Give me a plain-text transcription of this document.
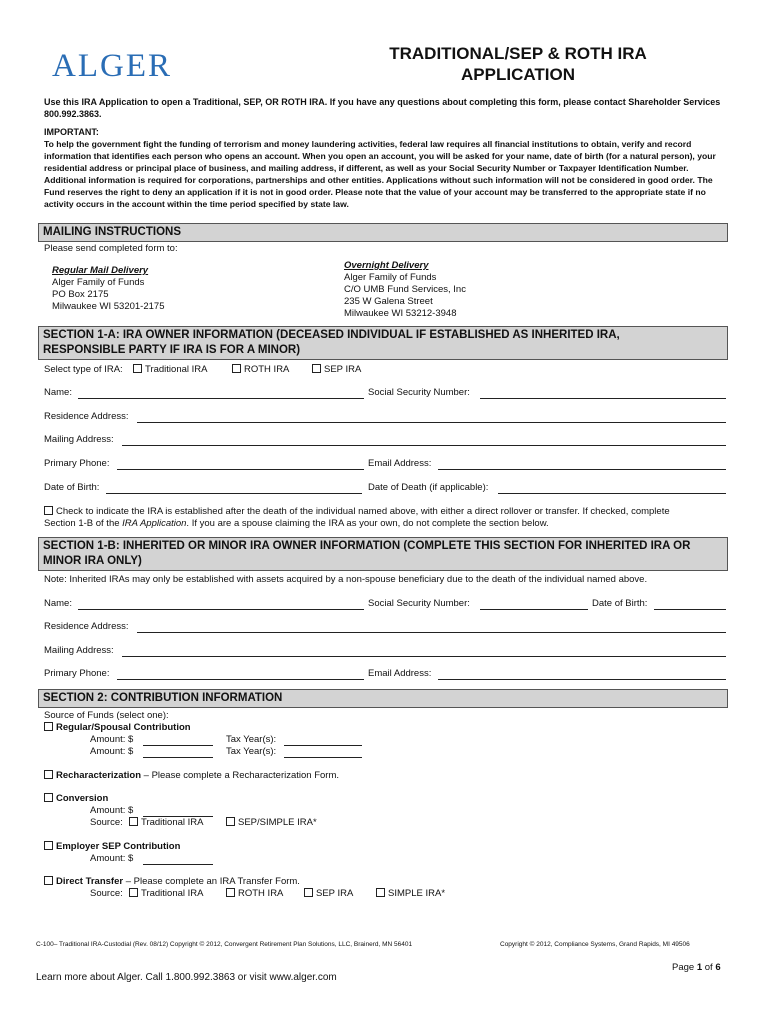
ALGER	TRADITIONAL/SEP & ROTH IRA
APPLICATION
Use this IRA Application to open a Traditional, SEP, OR ROTH IRA. If you have any questions about completing this form, please contact Shareholder Services 800.992.3863.
IMPORTANT:
To help the government fight the funding of terrorism and money laundering activities, federal law requires all financial institutions to obtain, verify and record information that identifies each person who opens an account. When you open an account, you will be asked for your name, date of birth (for a natural person), your residential address or principal place of business, and mailing address, if different, as well as your Social Security Number or Taxpayer Identification Number. Additional information is required for corporations, partnerships and other entities. Applications without such information will not be considered in good order. The Fund reserves the right to deny an application if it is not in good order. Please note that the value of your account may be transferred to the appropriate state if no activity occurs in the account within the time period specified by state law.
MAILING INSTRUCTIONS
Please send completed form to:
Regular Mail Delivery
Alger Family of Funds
PO Box 2175
Milwaukee WI 53201-2175
Overnight Delivery
Alger Family of Funds
C/O UMB Fund Services, Inc
235 W Galena Street
Milwaukee WI 53212-3948
SECTION 1-A: IRA OWNER INFORMATION (DECEASED INDIVIDUAL IF ESTABLISHED AS INHERITED IRA,
RESPONSIBLE PARTY IF IRA IS FOR A MINOR)
Select type of IRA:	Traditional IRA	ROTH IRA	SEP IRA
Name:	Social Security Number:
Residence Address:
Mailing Address:
Primary Phone:	Email Address:
Date of Birth:	Date of Death (if applicable):
Check to indicate the IRA is established after the death of the individual named above, with either a direct rollover or transfer. If checked, complete
Section 1-B of the IRA Application. If you are a spouse claiming the IRA as your own, do not complete the section below.
SECTION 1-B: INHERITED OR MINOR IRA OWNER INFORMATION (COMPLETE THIS SECTION FOR INHERITED IRA OR
MINOR IRA ONLY)
Note: Inherited IRAs may only be established with assets acquired by a non-spouse beneficiary due to the death of the individual named above.
Name:	Social Security Number:	Date of Birth:
Residence Address:
Mailing Address:
Primary Phone:	Email Address:
SECTION 2: CONTRIBUTION INFORMATION
Source of Funds (select one):
Regular/Spousal Contribution
Amount: $	Tax Year(s):
Amount: $	Tax Year(s):
Recharacterization – Please complete a Recharacterization Form.
Conversion
Amount: $
Source:	Traditional IRA	SEP/SIMPLE IRA*
Employer SEP Contribution
Amount: $
Direct Transfer – Please complete an IRA Transfer Form.
Source:	Traditional IRA	ROTH IRA	SEP IRA	SIMPLE IRA*
C-100– Traditional IRA-Custodial (Rev. 08/12) Copyright © 2012, Convergent Retirement Plan Solutions, LLC, Brainerd, MN 56401	Copyright © 2012, Compliance Systems, Grand Rapids, MI 49506
Page 1 of 6
Learn more about Alger. Call 1.800.992.3863 or visit www.alger.com
